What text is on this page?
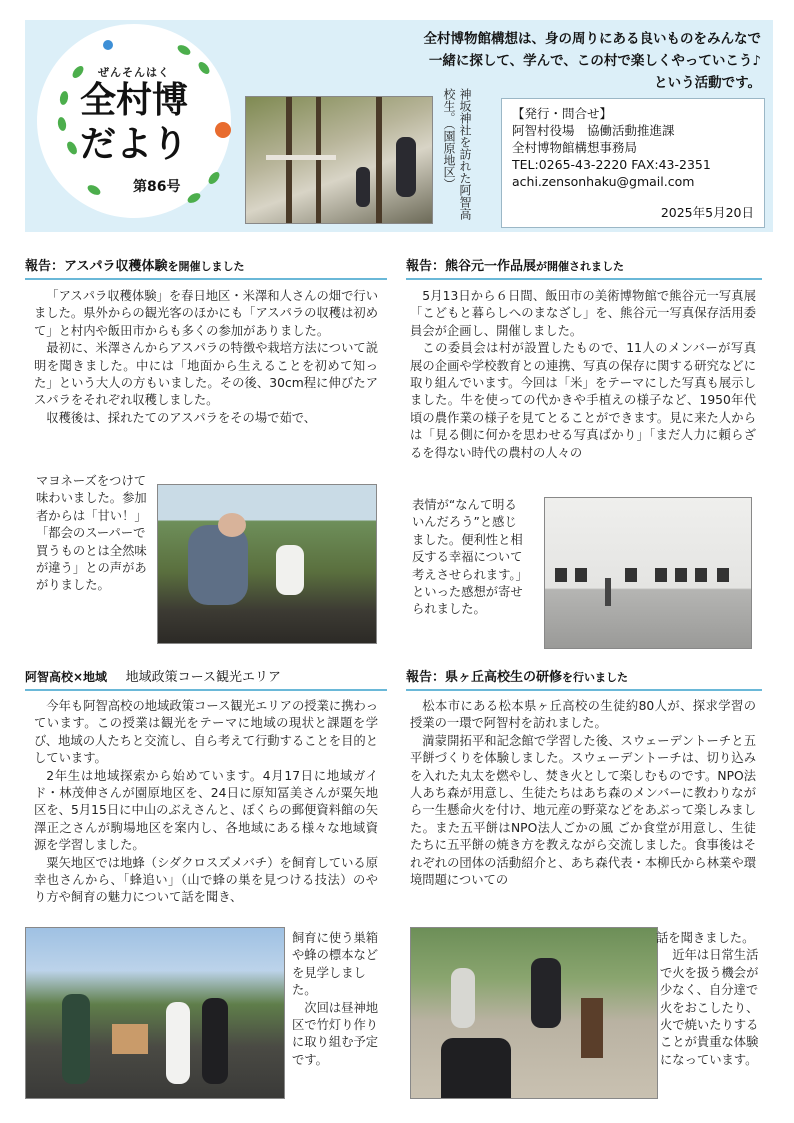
ぜんそんはく
全村博
だより
第86号
全村博物館構想は、身の周りにある良いものをみんなで
一緒に探して、学んで、この村で楽しくやっていこう♪
という活動です。
神坂神社を訪れた阿智高校生。（園原地区）	【発行・問合せ】
阿智村役場　協働活動推進課
全村博物館構想事務局
TEL:0265-43-2220 FAX:43-2351
achi.zensonhaku@gmail.com
2025年5月20日
報告：アスパラ収穫体験を開催しました

「アスパラ収穫体験」を春日地区・米澤和人さんの畑で行いました。県外からの観光客のほかにも「アスパラの収穫は初めて」と村内や飯田市からも多くの参加がありました。

最初に、米澤さんからアスパラの特徴や栽培方法について説明を聞きました。中には「地面から生えることを初めて知った」という大人の方もいました。その後、30cm程に伸びたアスパラをそれぞれ収穫しました。

収穫後は、採れたてのアスパラをその場で茹で、

マヨネーズをつけて味わいました。参加者からは「甘い！」「都会のスーパーで買うものとは全然味が違う」との声があがりました。
報告：熊谷元一作品展が開催されました

5月13日から６日間、飯田市の美術博物館で熊谷元一写真展「こどもと暮らしへのまなざし」を、熊谷元一写真保存活用委員会が企画し、開催しました。

この委員会は村が設置したもので、11人のメンバーが写真展の企画や学校教育との連携、写真の保存に関する研究などに取り組んでいます。今回は「米」をテーマにした写真も展示しました。牛を使っての代かきや手植えの様子など、1950年代頃の農作業の様子を見てとることができます。見に来た人からは「見る側に何かを思わせる写真ばかり」「まだ人力に頼らざるを得ない時代の農村の人々の

表情が“なんて明るいんだろう”と感じました。便利性と相反する幸福について考えさせられます。」といった感想が寄せられました。
阿智高校×地域 地域政策コース観光エリア

今年も阿智高校の地域政策コース観光エリアの授業に携わっています。この授業は観光をテーマに地域の現状と課題を学び、地域の人たちと交流し、自ら考えて行動することを目的としています。

2年生は地域探索から始めています。4月17日に地域ガイド・林茂伸さんが園原地区を、24日に原知冨美さんが粟矢地区を、5月15日に中山のぶえさんと、ぼくらの郵便資料館の矢澤正之さんが駒場地区を案内し、各地域にある様々な地域資源を学習しました。

粟矢地区では地蜂（シダクロスズメバチ）を飼育している原幸也さんから、「蜂追い」（山で蜂の巣を見つける技法）のやり方や飼育の魅力について話を聞き、

飼育に使う巣箱や蜂の標本などを見学しました。
次回は昼神地区で竹灯り作りに取り組む予定です。
報告：県ヶ丘高校生の研修を行いました

松本市にある松本県ヶ丘高校の生徒約80人が、探求学習の授業の一環で阿智村を訪れました。

満蒙開拓平和記念館で学習した後、スウェーデントーチと五平餅づくりを体験しました。スウェーデントーチは、切り込みを入れた丸太を燃やし、焚き火として楽しむものです。NPO法人あち森が用意し、生徒たちはあち森のメンバーに教わりながら一生懸命火を付け、地元産の野菜などをあぶって楽しみました。また五平餅はNPO法人ごかの風 ごか食堂が用意し、生徒たちに五平餅の焼き方を教えながら交流しました。食事後はそれぞれの団体の活動紹介と、あち森代表・本柳氏から林業や環境問題についての

話を聞きました。
近年は日常生活で火を扱う機会が少なく、自分達で火をおこしたり、火で焼いたりすることが貴重な体験になっています。
